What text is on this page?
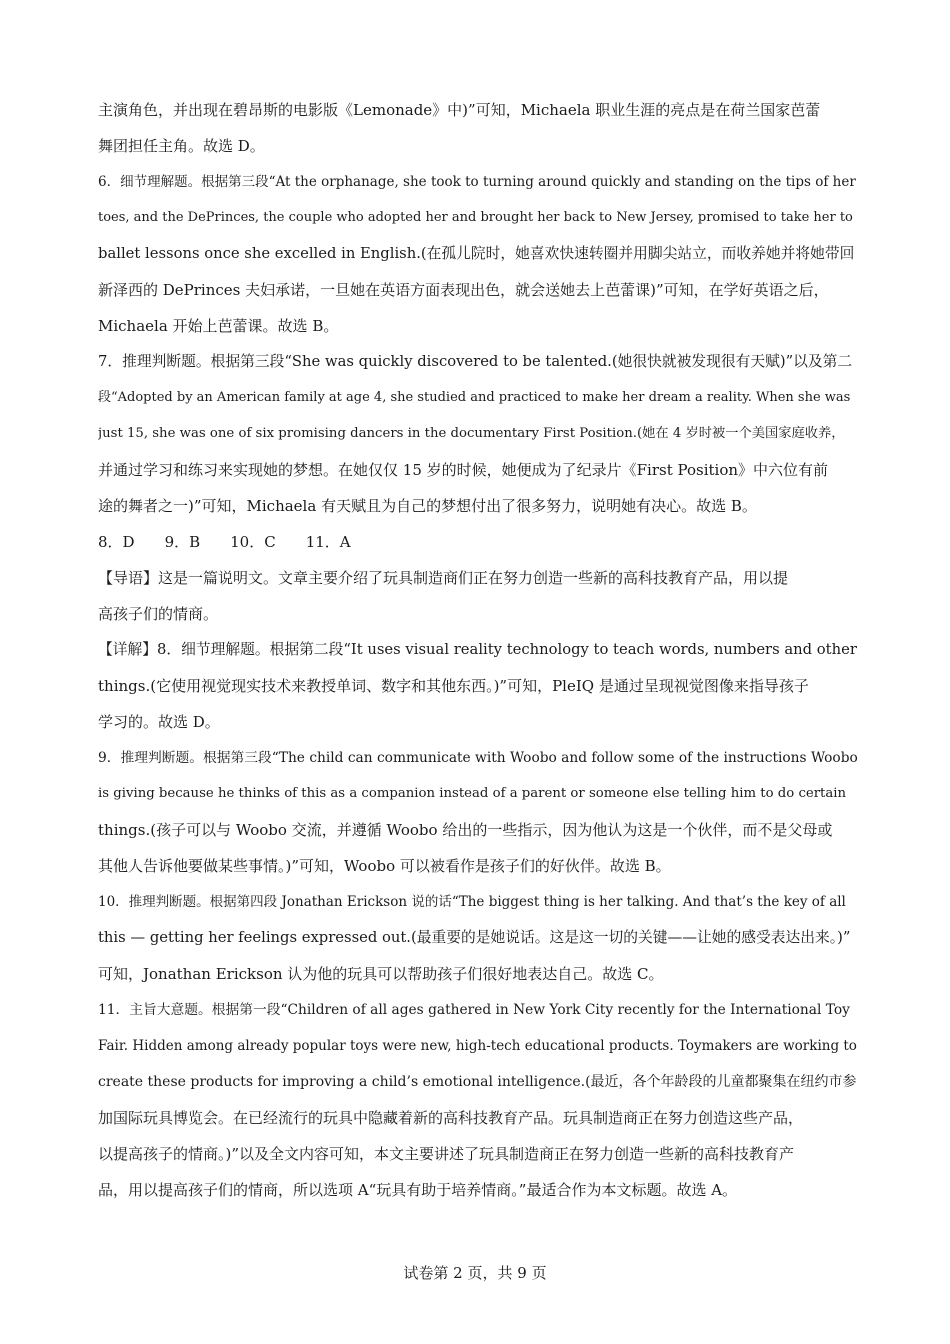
主演角色，并出现在碧昂斯的电影版《Lemonade》中)”可知，Michaela 职业生涯的亮点是在荷兰国家芭蕾
舞团担任主角。故选 D。
6．细节理解题。根据第三段“At the orphanage, she took to turning around quickly and standing on the tips of her
toes, and the DePrinces, the couple who adopted her and brought her back to New Jersey, promised to take her to
ballet lessons once she excelled in English.(在孤儿院时，她喜欢快速转圈并用脚尖站立，而收养她并将她带回
新泽西的 DePrinces 夫妇承诺，一旦她在英语方面表现出色，就会送她去上芭蕾课)”可知，在学好英语之后，
Michaela 开始上芭蕾课。故选 B。
7．推理判断题。根据第三段“She was quickly discovered to be talented.(她很快就被发现很有天赋)”以及第二
段“Adopted by an American family at age 4, she studied and practiced to make her dream a reality. When she was
just 15, she was one of six promising dancers in the documentary First Position.(她在 4 岁时被一个美国家庭收养，
并通过学习和练习来实现她的梦想。在她仅仅 15 岁的时候，她便成为了纪录片《First Position》中六位有前
途的舞者之一)”可知，Michaela 有天赋且为自己的梦想付出了很多努力，说明她有决心。故选 B。
8．D　　9．B　　10．C　　11．A
【导语】这是一篇说明文。文章主要介绍了玩具制造商们正在努力创造一些新的高科技教育产品，用以提
高孩子们的情商。
【详解】8．细节理解题。根据第二段“It uses visual reality technology to teach words, numbers and other
things.(它使用视觉现实技术来教授单词、数字和其他东西。)”可知，PleIQ 是通过呈现视觉图像来指导孩子
学习的。故选 D。
9．推理判断题。根据第三段“The child can communicate with Woobo and follow some of the instructions Woobo
is giving because he thinks of this as a companion instead of a parent or someone else telling him to do certain
things.(孩子可以与 Woobo 交流，并遵循 Woobo 给出的一些指示，因为他认为这是一个伙伴，而不是父母或
其他人告诉他要做某些事情。)”可知，Woobo 可以被看作是孩子们的好伙伴。故选 B。
10．推理判断题。根据第四段 Jonathan Erickson 说的话“The biggest thing is her talking. And that’s the key of all
this — getting her feelings expressed out.(最重要的是她说话。这是这一切的关键——让她的感受表达出来。)”
可知，Jonathan Erickson 认为他的玩具可以帮助孩子们很好地表达自己。故选 C。
11．主旨大意题。根据第一段“Children of all ages gathered in New York City recently for the International Toy
Fair. Hidden among already popular toys were new, high-tech educational products. Toymakers are working to
create these products for improving a child’s emotional intelligence.(最近，各个年龄段的儿童都聚集在纽约市参
加国际玩具博览会。在已经流行的玩具中隐藏着新的高科技教育产品。玩具制造商正在努力创造这些产品，
以提高孩子的情商。)”以及全文内容可知，本文主要讲述了玩具制造商正在努力创造一些新的高科技教育产
品，用以提高孩子们的情商，所以选项 A“玩具有助于培养情商。”最适合作为本文标题。故选 A。
试卷第 2 页，共 9 页
